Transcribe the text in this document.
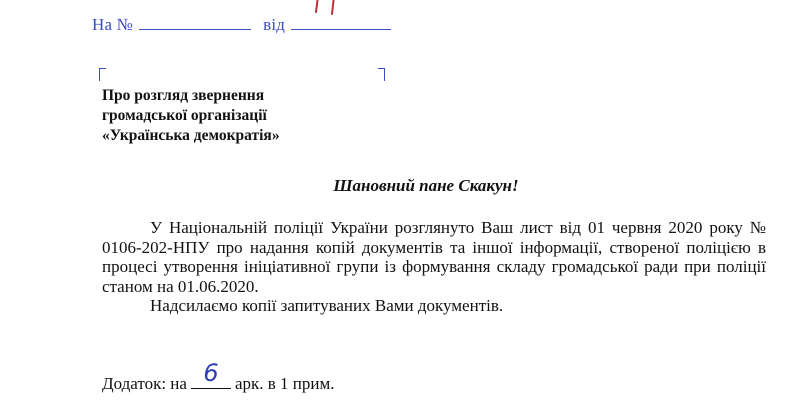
На №	від
Про розгляд звернення
громадської організації
«Українська демократія»
Шановний пане Скакун!

У Національній поліції України розглянуто Ваш лист від 01 червня 2020 року № 0106-202-НПУ про надання копій документів та іншої інформації, створеної поліцією в процесі утворення ініціативної групи із формування складу громадської ради при поліції станом на 01.06.2020.

Надсилаємо копії запитуваних Вами документів.

Додаток: на 6 арк. в 1 прим.
